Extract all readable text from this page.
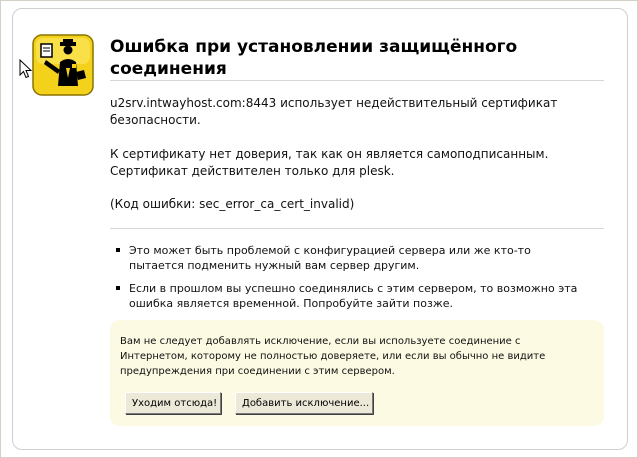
Ошибка при установлении защищённого соединения

u2srv.intwayhost.com:8443 использует недействительный сертификат безопасности.

К сертификату нет доверия, так как он является самоподписанным. Сертификат действителен только для plesk.

(Код ошибки: sec_error_ca_cert_invalid)

Это может быть проблемой с конфигурацией сервера или же кто-то пытается подменить нужный вам сервер другим.
Если в прошлом вы успешно соединялись с этим сервером, то возможно эта ошибка является временной. Попробуйте зайти позже.

Вам не следует добавлять исключение, если вы используете соединение с Интернетом, которому не полностью доверяете, или если вы обычно не видите предупреждения при соединении с этим сервером.

Уходим отсюда!	Добавить исключение...
